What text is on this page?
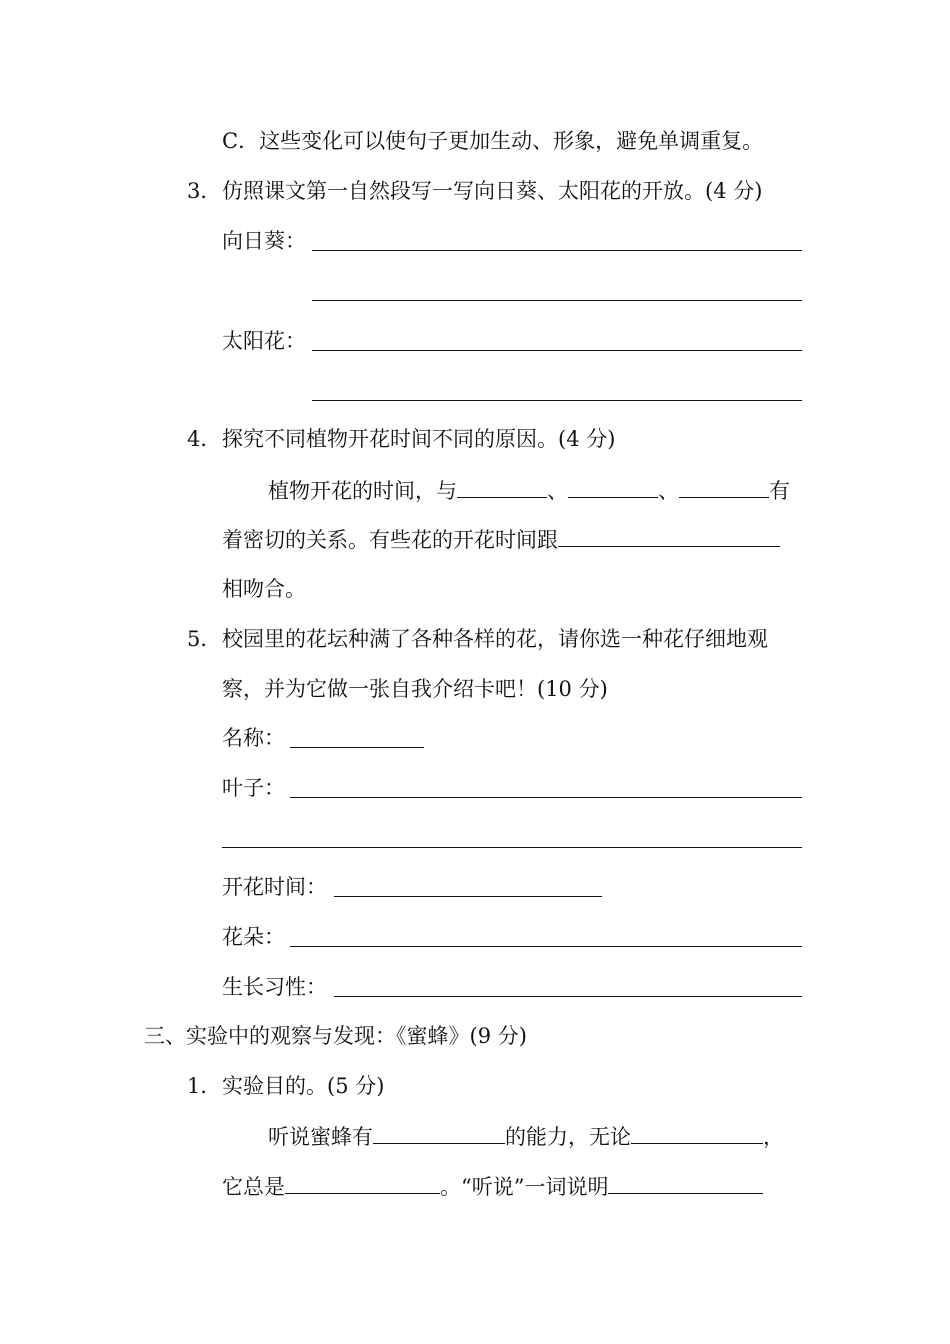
C．这些变化可以使句子更加生动、形象，避免单调重复。
3． 仿照课文第一自然段写一写向日葵、太阳花的开放。(4 分)
向日葵：
太阳花：
4． 探究不同植物开花时间不同的原因。(4 分)
植物开花的时间，与	、	、	有
着密切的关系。有些花的开花时间跟
相吻合。
5． 校园里的花坛种满了各种各样的花，请你选一种花仔细地观
察，并为它做一张自我介绍卡吧！(10 分)
名称：
叶子：
开花时间：
花朵：
生长习性：
三、实验中的观察与发现：《蜜蜂》(9 分)
1． 实验目的。(5 分)
听说蜜蜂有	的能力，无论	，
它总是	。“听说”一词说明
